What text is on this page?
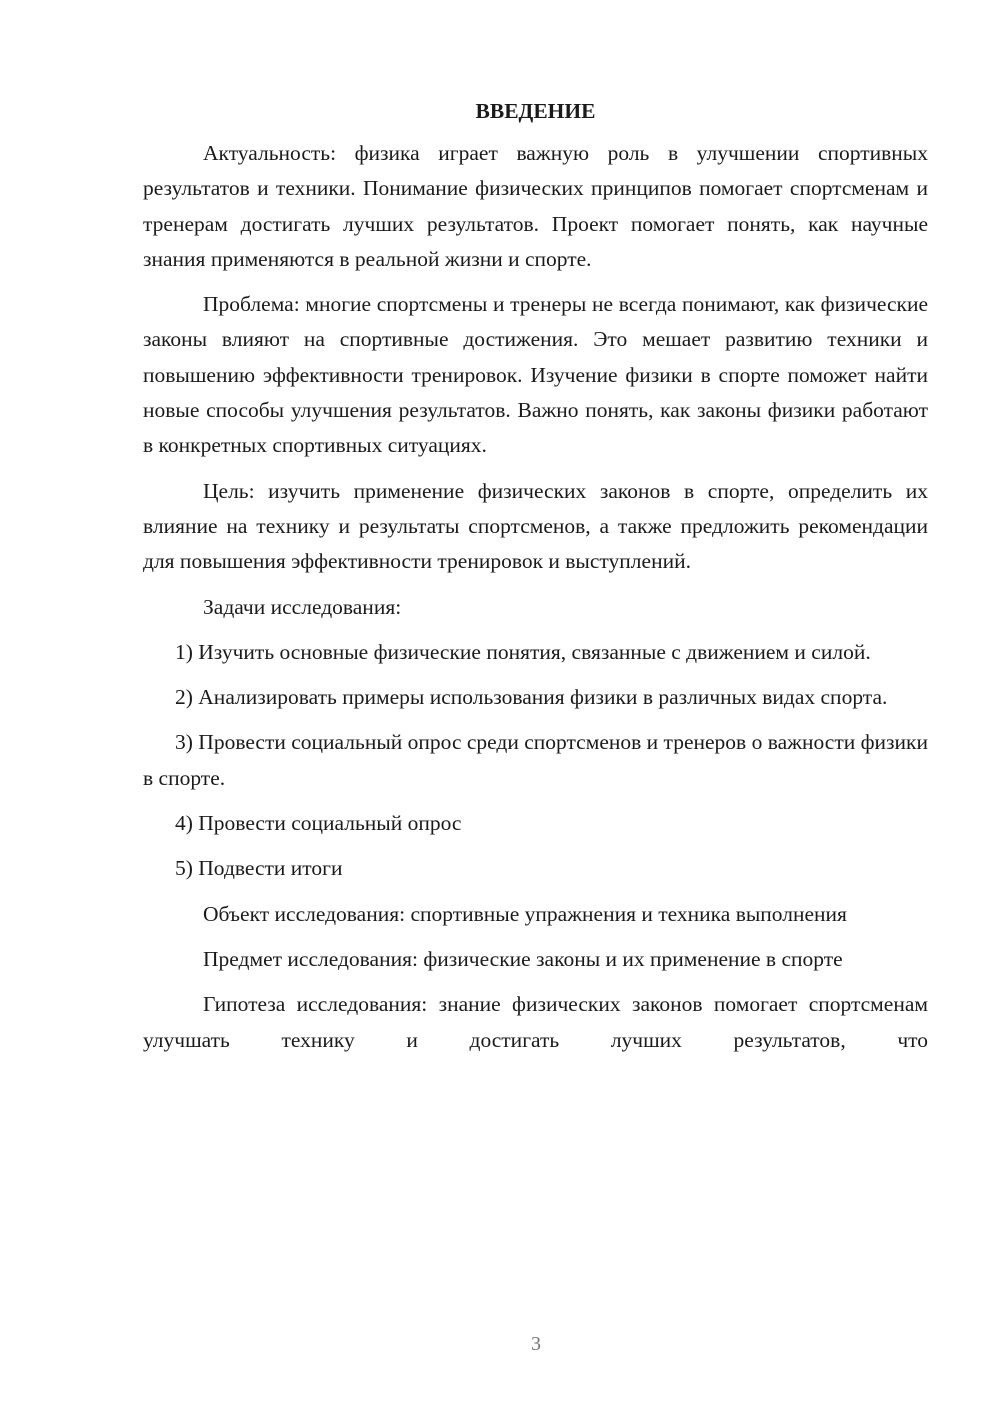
ВВЕДЕНИЕ

Актуальность: физика играет важную роль в улучшении спортивных результатов и техники. Понимание физических принципов помогает спортсменам и тренерам достигать лучших результатов. Проект помогает понять, как научные знания применяются в реальной жизни и спорте.

Проблема: многие спортсмены и тренеры не всегда понимают, как физические законы влияют на спортивные достижения. Это мешает развитию техники и повышению эффективности тренировок. Изучение физики в спорте поможет найти новые способы улучшения результатов. Важно понять, как законы физики работают в конкретных спортивных ситуациях.

Цель: изучить применение физических законов в спорте, определить их влияние на технику и результаты спортсменов, а также предложить рекомендации для повышения эффективности тренировок и выступлений.

Задачи исследования:

1) Изучить основные физические понятия, связанные с движением и силой.

2) Анализировать примеры использования физики в различных видах спорта.

3) Провести социальный опрос среди спортсменов и тренеров о важности физики в спорте.

4) Провести социальный опрос

5) Подвести итоги

Объект исследования: спортивные упражнения и техника выполнения

Предмет исследования: физические законы и их применение в спорте

Гипотеза исследования: знание физических законов помогает спортсменам улучшать технику и достигать лучших результатов, что

3
